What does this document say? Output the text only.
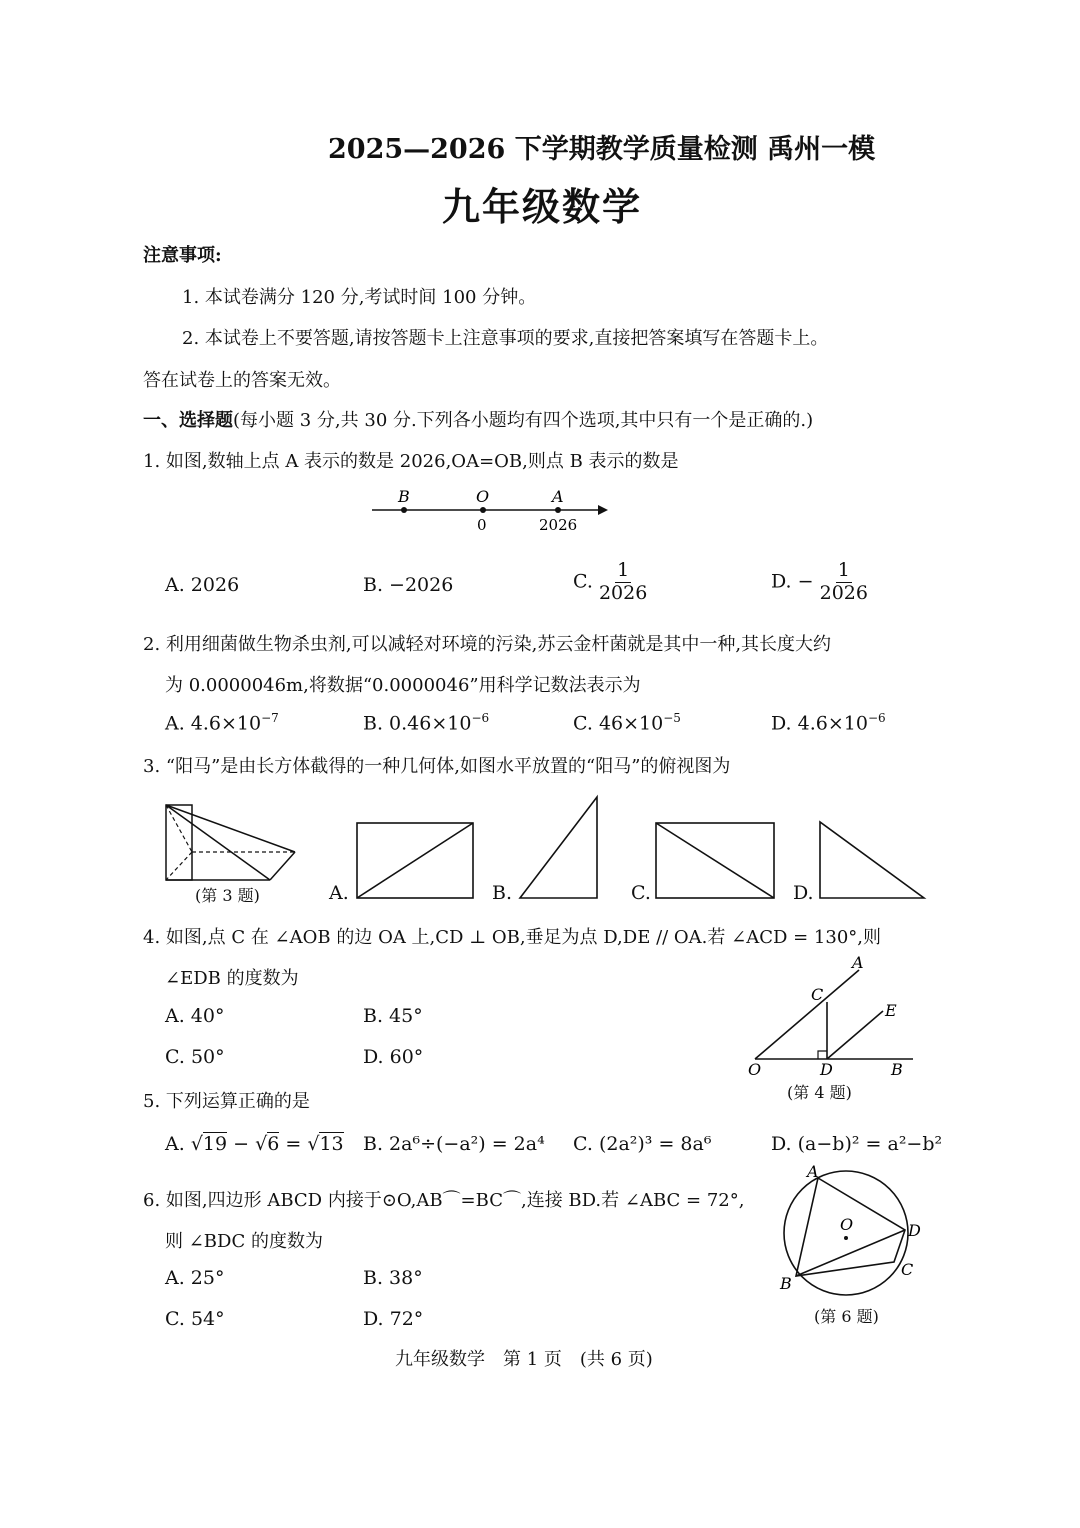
2025—2026 下学期教学质量检测 禹州一模
九年级数学
注意事项:
1. 本试卷满分 120 分,考试时间 100 分钟。
2. 本试卷上不要答题,请按答题卡上注意事项的要求,直接把答案填写在答题卡上。
答在试卷上的答案无效。
一、选择题(每小题 3 分,共 30 分.下列各小题均有四个选项,其中只有一个是正确的.)
1. 如图,数轴上点 A 表示的数是 2026,OA=OB,则点 B 表示的数是
B	O	A
0	2026
A. 2026	B. −2026	C. $\frac{1}{2026}$	D. − $\frac{1}{2026}$
2. 利用细菌做生物杀虫剂,可以减轻对环境的污染,苏云金杆菌就是其中一种,其长度大约
为 0.0000046m,将数据“0.0000046”用科学记数法表示为
A. $4.6\times 10^{-7}$	B. $0.46\times 10^{-6}$	C. $46\times 10^{-5}$	D. $4.6\times 10^{-6}$
3. “阳马”是由长方体截得的一种几何体,如图水平放置的“阳马”的俯视图为
(第 3 题)	A.	B.	C.	D.
4. 如图,点 C 在 ∠AOB 的边 OA 上,CD ⊥ OB,垂足为点 D,DE // OA.若 ∠ACD = 130°,则
∠EDB 的度数为
A. 40°	B. 45°
C. 50°	D. 60°
A
C
E
O	D	B
(第 4 题)
5. 下列运算正确的是
A. √19 − √6 = √13 B. 2a⁶÷(−a²) = 2a⁴ C. (2a²)³ = 8a⁶	D. (a−b)² = a²−b²
6. 如图,四边形 ABCD 内接于⊙O,AB⌒=BC⌒,连接 BD.若 ∠ABC = 72°,
则 ∠BDC 的度数为
A. 25°	B. 38°
C. 54°	D. 72°
A
O	D
B
C
(第 6 题)
九年级数学　第 1 页　(共 6 页)
